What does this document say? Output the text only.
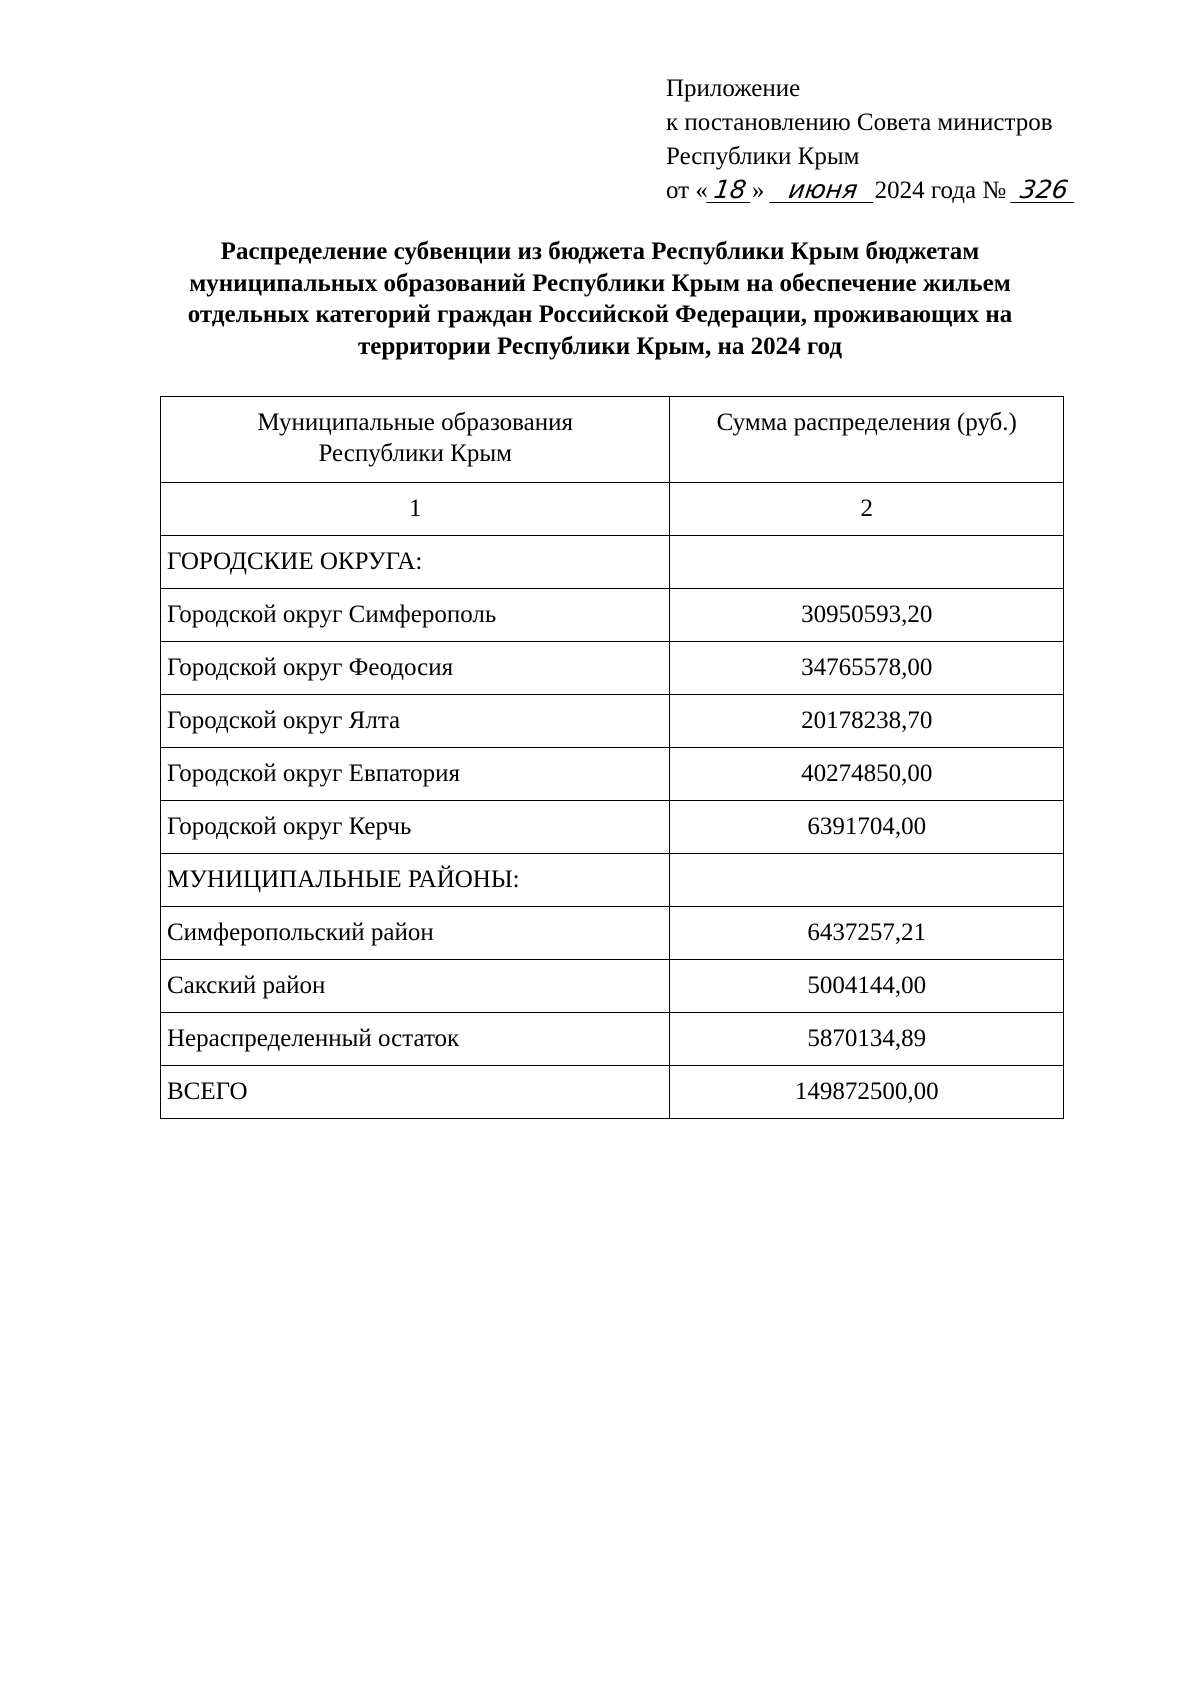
Приложение
к постановлению Совета министров
Республики Крым
от « 18 » июня 2024 года № 326
Распределение субвенции из бюджета Республики Крым бюджетам
муниципальных образований Республики Крым на обеспечение жильем
отдельных категорий граждан Российской Федерации, проживающих на
территории Республики Крым, на 2024 год
Муниципальные образования
Республики Крым	Сумма распределения (руб.)
1	2
ГОРОДСКИЕ ОКРУГА:	
Городской округ Симферополь	30950593,20
Городской округ Феодосия	34765578,00
Городской округ Ялта	20178238,70
Городской округ Евпатория	40274850,00
Городской округ Керчь	6391704,00
МУНИЦИПАЛЬНЫЕ РАЙОНЫ:	
Симферопольский район	6437257,21
Сакский район	5004144,00
Нераспределенный остаток	5870134,89
ВСЕГО	149872500,00
